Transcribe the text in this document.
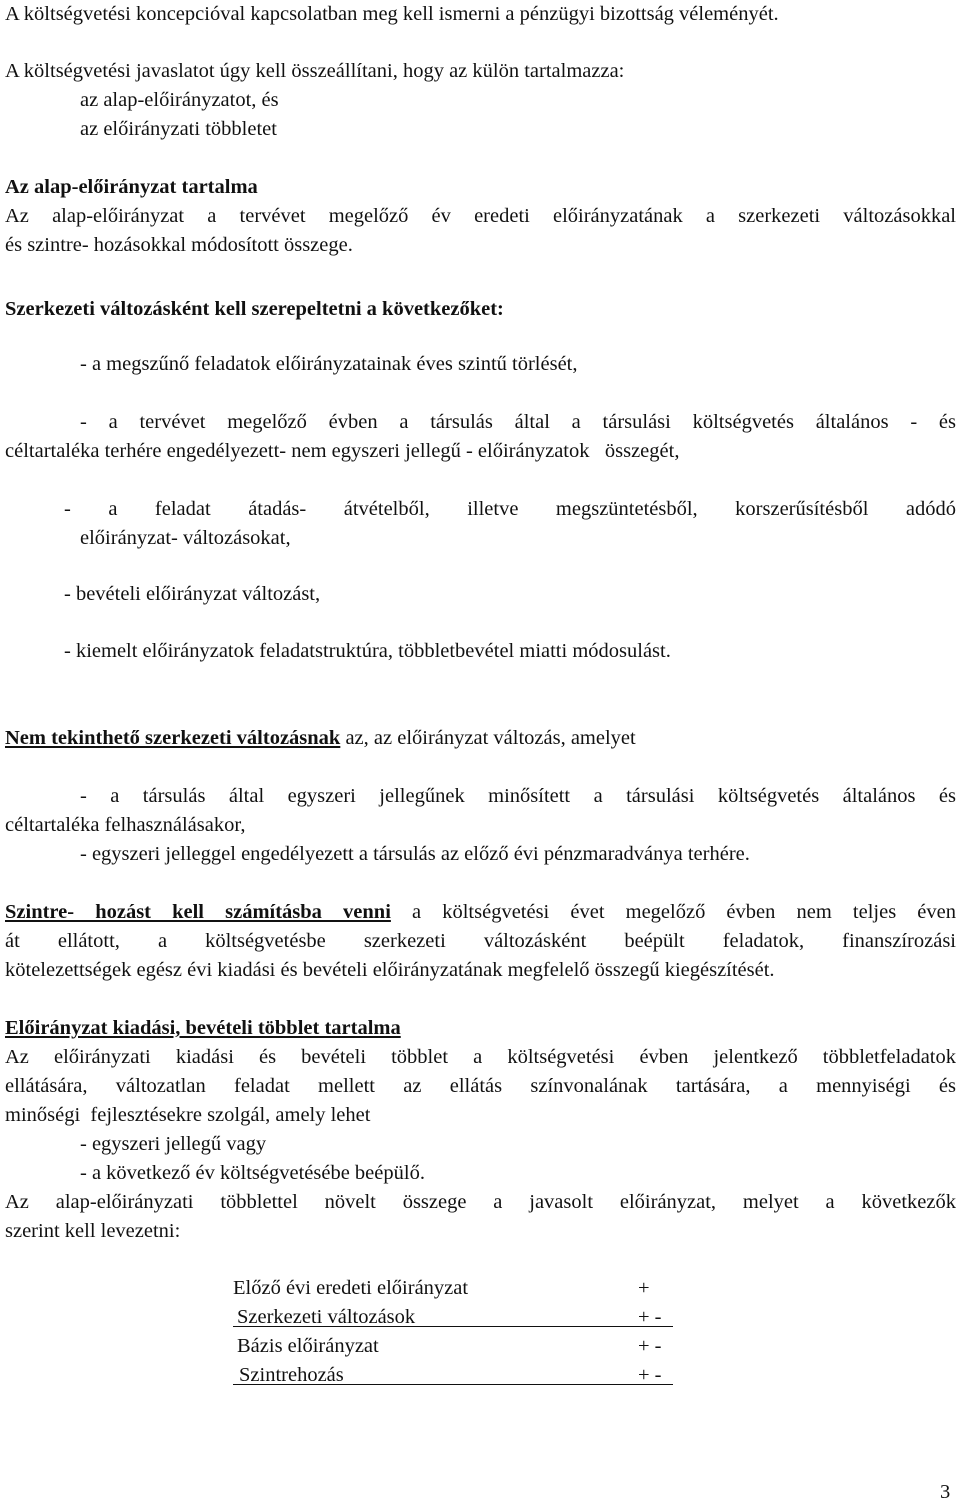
A költségvetési koncepcióval kapcsolatban meg kell ismerni a pénzügyi bizottság véleményét.
A költségvetési javaslatot úgy kell összeállítani, hogy az külön tartalmazza:
az alap-előirányzatot, és
az előirányzati többletet
Az alap-előirányzat tartalma
Az alap-előirányzat a tervévet megelőző év eredeti előirányzatának a szerkezeti változásokkal
és szintre- hozásokkal módosított összege.
Szerkezeti változásként kell szerepeltetni a következőket:
- a megszűnő feladatok előirányzatainak éves szintű törlését,
- a tervévet megelőző évben a társulás által a társulási költségvetés általános - és
céltartaléka terhére engedélyezett- nem egyszeri jellegű - előirányzatok   összegét,
- a feladat átadás- átvételből, illetve megszüntetésből, korszerűsítésből adódó
előirányzat- változásokat,
- bevételi előirányzat változást,
- kiemelt előirányzatok feladatstruktúra, többletbevétel miatti módosulást.
Nem tekinthető szerkezeti változásnak az, az előirányzat változás, amelyet
- a társulás által egyszeri jellegűnek minősített a társulási költségvetés általános és
céltartaléka felhasználásakor,
- egyszeri jelleggel engedélyezett a társulás az előző évi pénzmaradványa terhére.
Szintre- hozást kell számításba venni a költségvetési évet megelőző évben nem teljes éven
át ellátott, a költségvetésbe szerkezeti változásként beépült feladatok, finanszírozási
kötelezettségek egész évi kiadási és bevételi előirányzatának megfelelő összegű kiegészítését.
Előirányzat kiadási, bevételi többlet tartalma
Az előirányzati kiadási és bevételi többlet a költségvetési évben jelentkező többletfeladatok
ellátására, változatlan feladat mellett az ellátás színvonalának tartására, a mennyiségi és
minőségi  fejlesztésekre szolgál, amely lehet
- egyszeri jellegű vagy
- a következő év költségvetésébe beépülő.
Az alap-előirányzati többlettel növelt összege a javasolt előirányzat, melyet a következők
szerint kell levezetni:
Előző évi eredeti előirányzat	+
Szerkezeti változások	+ -
Bázis előirányzat	+ -
Szintrehozás	+ -
3
